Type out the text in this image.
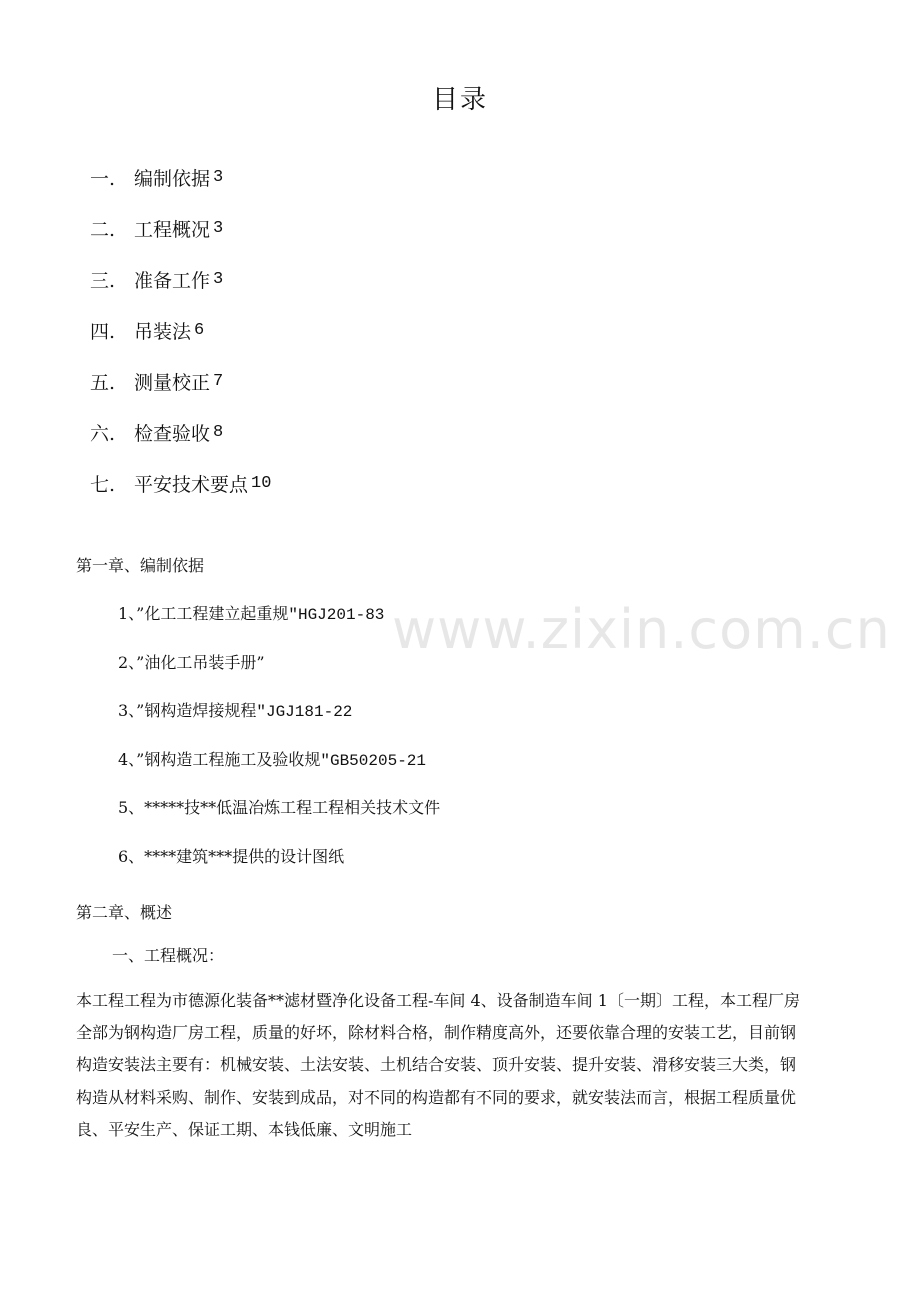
目录
一. 编制依据 3
二. 工程概况 3
三. 准备工作 3
四. 吊装法 6
五. 测量校正 7
六. 检查验收 8
七. 平安技术要点 10
第一章、编制依据
1、”化工工程建立起重规"HGJ201-83
2、”油化工吊装手册”
3、”钢构造焊接规程"JGJ181-22
4、”钢构造工程施工及验收规"GB50205-21
5、*****技**低温冶炼工程工程相关技术文件
6、****建筑***提供的设计图纸
第二章、概述
一、工程概况：
本工程工程为市德源化装备**滤材暨净化设备工程-车间 4、设备制造车间 1〔一期〕工程，本工程厂房
全部为钢构造厂房工程，质量的好坏，除材料合格，制作精度高外，还要依靠合理的安装工艺，目前钢
构造安装法主要有：机械安装、土法安装、土机结合安装、顶升安装、提升安装、滑移安装三大类，钢
构造从材料采购、制作、安装到成品，对不同的构造都有不同的要求，就安装法而言，根据工程质量优
良、平安生产、保证工期、本钱低廉、文明施工
www.zixin.com.cn
